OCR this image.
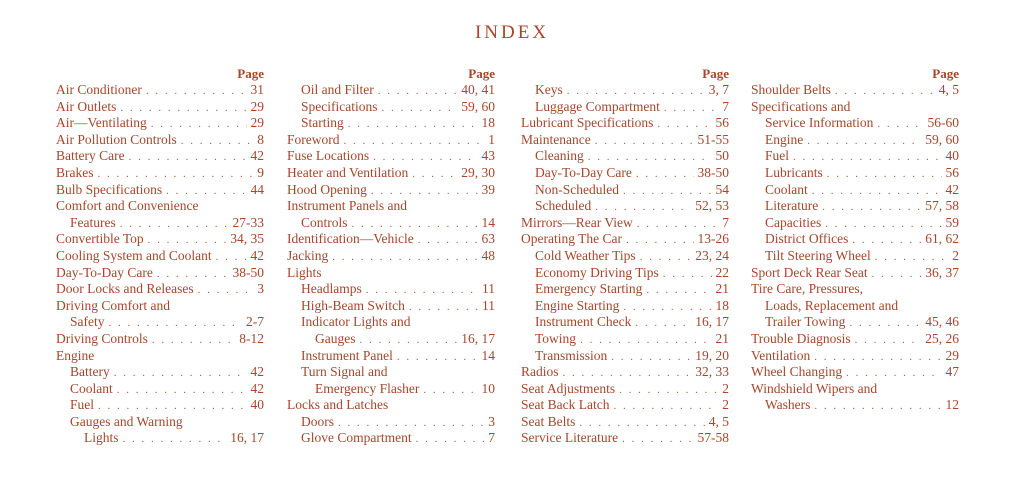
INDEX
Page
Air Conditioner . . .	31
Air Outlets . . .	29
Air—Ventilating . . .	29
Air Pollution Controls . . .	8
Battery Care . . .	42
Brakes . . .	9
Bulb Specifications . . .	44
Comfort and Convenience
Features . . .	27-33
Convertible Top . . .	34, 35
Cooling System and Coolant . . .	42
Day-To-Day Care . . .	38-50
Door Locks and Releases . . .	3
Driving Comfort and
Safety . . .	2-7
Driving Controls . . .	8-12
Engine
Battery . . .	42
Coolant . . .	42
Fuel . . .	40
Gauges and Warning
Lights . . .	16, 17
Page
Oil and Filter . . .	40, 41
Specifications . . .	59, 60
Starting . . .	18
Foreword . . .	1
Fuse Locations . . .	43
Heater and Ventilation . . .	29, 30
Hood Opening . . .	39
Instrument Panels and
Controls . . .	14
Identification—Vehicle . . .	63
Jacking . . .	48
Lights
Headlamps . . .	11
High-Beam Switch . . .	11
Indicator Lights and
Gauges . . .	16, 17
Instrument Panel . . .	14
Turn Signal and
Emergency Flasher . . .	10
Locks and Latches
Doors . . .	3
Glove Compartment . . .	7
Page
Keys . . .	3, 7
Luggage Compartment . . .	7
Lubricant Specifications . . .	56
Maintenance . . .	51-55
Cleaning . . .	50
Day-To-Day Care . . .	38-50
Non-Scheduled . . .	54
Scheduled . . .	52, 53
Mirrors—Rear View . . .	7
Operating The Car . . .	13-26
Cold Weather Tips . . .	23, 24
Economy Driving Tips . . .	22
Emergency Starting . . .	21
Engine Starting . . .	18
Instrument Check . . .	16, 17
Towing . . .	21
Transmission . . .	19, 20
Radios . . .	32, 33
Seat Adjustments . . .	2
Seat Back Latch . . .	2
Seat Belts . . .	4, 5
Service Literature . . .	57-58
Page
Shoulder Belts . . .	4, 5
Specifications and
Service Information . . .	56-60
Engine . . .	59, 60
Fuel . . .	40
Lubricants . . .	56
Coolant . . .	42
Literature . . .	57, 58
Capacities . . .	59
District Offices . . .	61, 62
Tilt Steering Wheel . . .	2
Sport Deck Rear Seat . . .	36, 37
Tire Care, Pressures,
Loads, Replacement and
Trailer Towing . . .	45, 46
Trouble Diagnosis . . .	25, 26
Ventilation . . .	29
Wheel Changing . . .	47
Windshield Wipers and
Washers . . .	12
